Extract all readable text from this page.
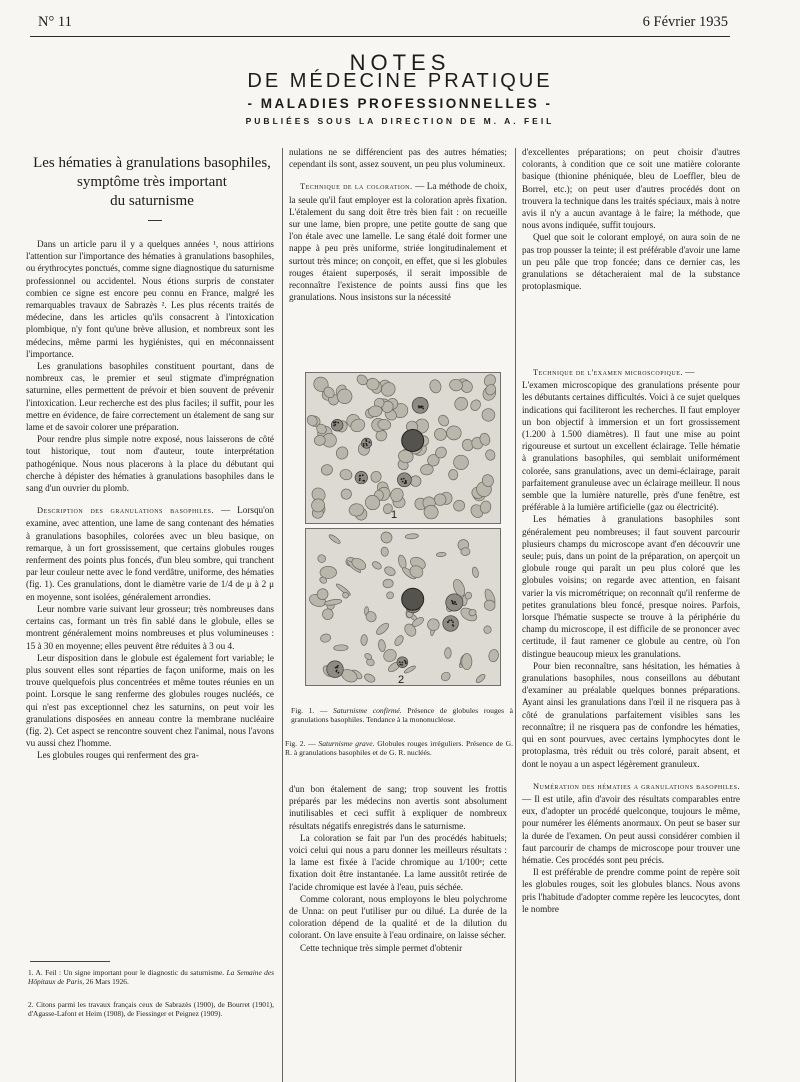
N° 11	6 Février 1935
NOTES
DE MÉDECINE PRATIQUE
- MALADIES PROFESSIONNELLES -
PUBLIÉES SOUS LA DIRECTION DE M. A. FEIL
Les hématies à granulations basophiles,
symptôme très important
du saturnisme

Dans un article paru il y a quelques années ¹, nous attirions l'attention sur l'importance des hématies à granulations basophiles, ou érythrocytes ponctués, comme signe diagnostique du saturnisme professionnel ou accidentel. Nous étions surpris de constater combien ce signe est encore peu connu en France, malgré les remarquables travaux de Sabrazès ². Les plus récents traités de médecine, dans les articles qu'ils consacrent à l'intoxication plombique, n'y font qu'une brève allusion, et nombreux sont les médecins, même parmi les hygiénistes, qui en méconnaissent l'importance.

Les granulations basophiles constituent pourtant, dans de nombreux cas, le premier et seul stigmate d'imprégnation saturnine, elles permettent de prévoir et bien souvent de prévenir l'intoxication. Leur recherche est des plus faciles; il suffit, pour les mettre en évidence, de faire correctement un étalement de sang sur lame et de savoir colorer une préparation.

Pour rendre plus simple notre exposé, nous laisserons de côté tout historique, tout nom d'auteur, toute interprétation pathogénique. Nous nous placerons à la place du débutant qui cherche à dépister des hématies à granulations basophiles dans le sang d'un ouvrier du plomb.

Description des granulations basophiles. — Lorsqu'on examine, avec attention, une lame de sang contenant des hématies à granulations basophiles, colorées avec un bleu basique, on remarque, à un fort grossissement, que certains globules rouges renferment des points plus foncés, d'un bleu sombre, qui tranchent par leur couleur nette avec le fond verdâtre, uniforme, des hématies (fig. 1). Ces granulations, dont le diamètre varie de 1/4 de μ à 2 μ en moyenne, sont isolées, généralement arrondies.

Leur nombre varie suivant leur grosseur; très nombreuses dans certains cas, formant un très fin sablé dans le globule, elles se montrent généralement moins nombreuses et plus volumineuses : 15 à 30 en moyenne; elles peuvent être réduites à 3 ou 4.

Leur disposition dans le globule est également fort variable; le plus souvent elles sont réparties de façon uniforme, mais on les trouve quelquefois plus concentrées et même toutes réunies en un point. Lorsque le sang renferme des globules rouges nucléés, ce qui n'est pas exceptionnel chez les saturnins, on peut voir les granulations disposées en anneau contre la membrane nucléaire (fig. 2). Cet aspect se rencontre souvent chez l'animal, nous l'avons vu aussi chez l'homme.

Les globules rouges qui renferment des gra-

nulations ne se différencient pas des autres hématies; cependant ils sont, assez souvent, un peu plus volumineux.

Technique de la coloration. — La méthode de choix, la seule qu'il faut employer est la coloration après fixation. L'étalement du sang doit être très bien fait : on recueille sur une lame, bien propre, une petite goutte de sang que l'on étale avec une lamelle. Le sang étalé doit former une nappe à peu près uniforme, striée longitudinalement et surtout très mince; on conçoit, en effet, que si les globules rouges étaient superposés, il serait impossible de reconnaître l'existence de points aussi fins que les granulations. Nous insistons sur la nécessité

1
2
Fig. 1. — Saturnisme confirmé. Présence de globules rouges à granulations basophiles. Tendance à la mononucléose.
Fig. 2. — Saturnisme grave. Globules rouges irréguliers. Présence de G. R. à granulations basophiles et de G. R. nucléés.

d'un bon étalement de sang; trop souvent les frottis préparés par les médecins non avertis sont absolument inutilisables et ceci suffit à expliquer de nombreux résultats négatifs enregistrés dans le saturnisme.

La coloration se fait par l'un des procédés habituels; voici celui qui nous a paru donner les meilleurs résultats : la lame est fixée à l'acide chromique au 1/100ᵉ; cette fixation doit être instantanée. La lame aussitôt retirée de l'acide chromique est lavée à l'eau, puis séchée.

Comme colorant, nous employons le bleu polychrome de Unna: on peut l'utiliser pur ou dilué. La durée de la coloration dépend de la qualité et de la dilution du colorant. On lave ensuite à l'eau ordinaire, on laisse sécher.

Cette technique très simple permet d'obtenir

d'excellentes préparations; on peut choisir d'autres colorants, à condition que ce soit une matière colorante basique (thionine phéniquée, bleu de Loeffler, bleu de Borrel, etc.); on peut user d'autres procédés dont on trouvera la technique dans les traités spéciaux, mais à notre avis il n'y a aucun avantage à le faire; la méthode, que nous avons indiquée, suffit toujours.

Quel que soit le colorant employé, on aura soin de ne pas trop pousser la teinte; il est préférable d'avoir une lame un peu pâle que trop foncée; dans ce dernier cas, les granulations se détacheraient mal de la substance protoplasmique.

Technique de l'examen microscopique. —

L'examen microscopique des granulations présente pour les débutants certaines difficultés. Voici à ce sujet quelques indications qui faciliteront les recherches. Il faut employer un bon objectif à immersion et un fort grossissement (1.200 à 1.500 diamètres). Il faut une mise au point rigoureuse et surtout un excellent éclairage. Telle hématie à granulations basophiles, qui semblait uniformément colorée, sans granulations, avec un demi-éclairage, parait parfaitement granuleuse avec un éclairage meilleur. Il nous semble que la lumière naturelle, près d'une fenêtre, est préférable à la lumière artificielle (gaz ou électricité).

Les hématies à granulations basophiles sont généralement peu nombreuses; il faut souvent parcourir plusieurs champs du microscope avant d'en découvrir une seule; puis, dans un point de la préparation, on aperçoit un globule rouge qui paraît un peu plus coloré que les globules voisins; on regarde avec attention, en faisant varier la vis micrométrique; on reconnaît qu'il renferme de petites granulations bleu foncé, presque noires. Parfois, lorsque l'hématie suspecte se trouve à la périphérie du champ du microscope, il est difficile de se prononcer avec certitude, il faut ramener ce globule au centre, où l'on distingue beaucoup mieux les granulations.

Pour bien reconnaître, sans hésitation, les hématies à granulations basophiles, nous conseillons au débutant d'examiner au préalable quelques bonnes préparations. Ayant ainsi les granulations dans l'œil il ne risquera pas à côté de granulations parfaitement visibles sans les reconnaître; il ne risquera pas de confondre les hématies, qui en sont pourvues, avec certains lymphocytes dont le protoplasma, très réduit ou très coloré, parait absent, et dont le noyau a un aspect légèrement granuleux.

Numération des hématies a granulations basophiles. — Il est utile, afin d'avoir des résultats comparables entre eux, d'adopter un procédé quelconque, toujours le même, pour numérer les éléments anormaux. On peut se baser sur la durée de l'examen. On peut aussi considérer combien il faut parcourir de champs de microscope pour trouver une hématie. Ces procédés sont peu précis.

Il est préférable de prendre comme point de repère soit les globules rouges, soit les globules blancs. Nous avons pris l'habitude d'adopter comme repère les leucocytes, dont le nombre

1. A. Feil : Un signe important pour le diagnostic du saturnisme. La Semaine des Hôpitaux de Paris, 26 Mars 1926.
2. Citons parmi les travaux français ceux de Sabrazès (1900), de Bourret (1901), d'Agasse-Lafont et Heim (1908), de Fiessinger et Peignez (1909).
